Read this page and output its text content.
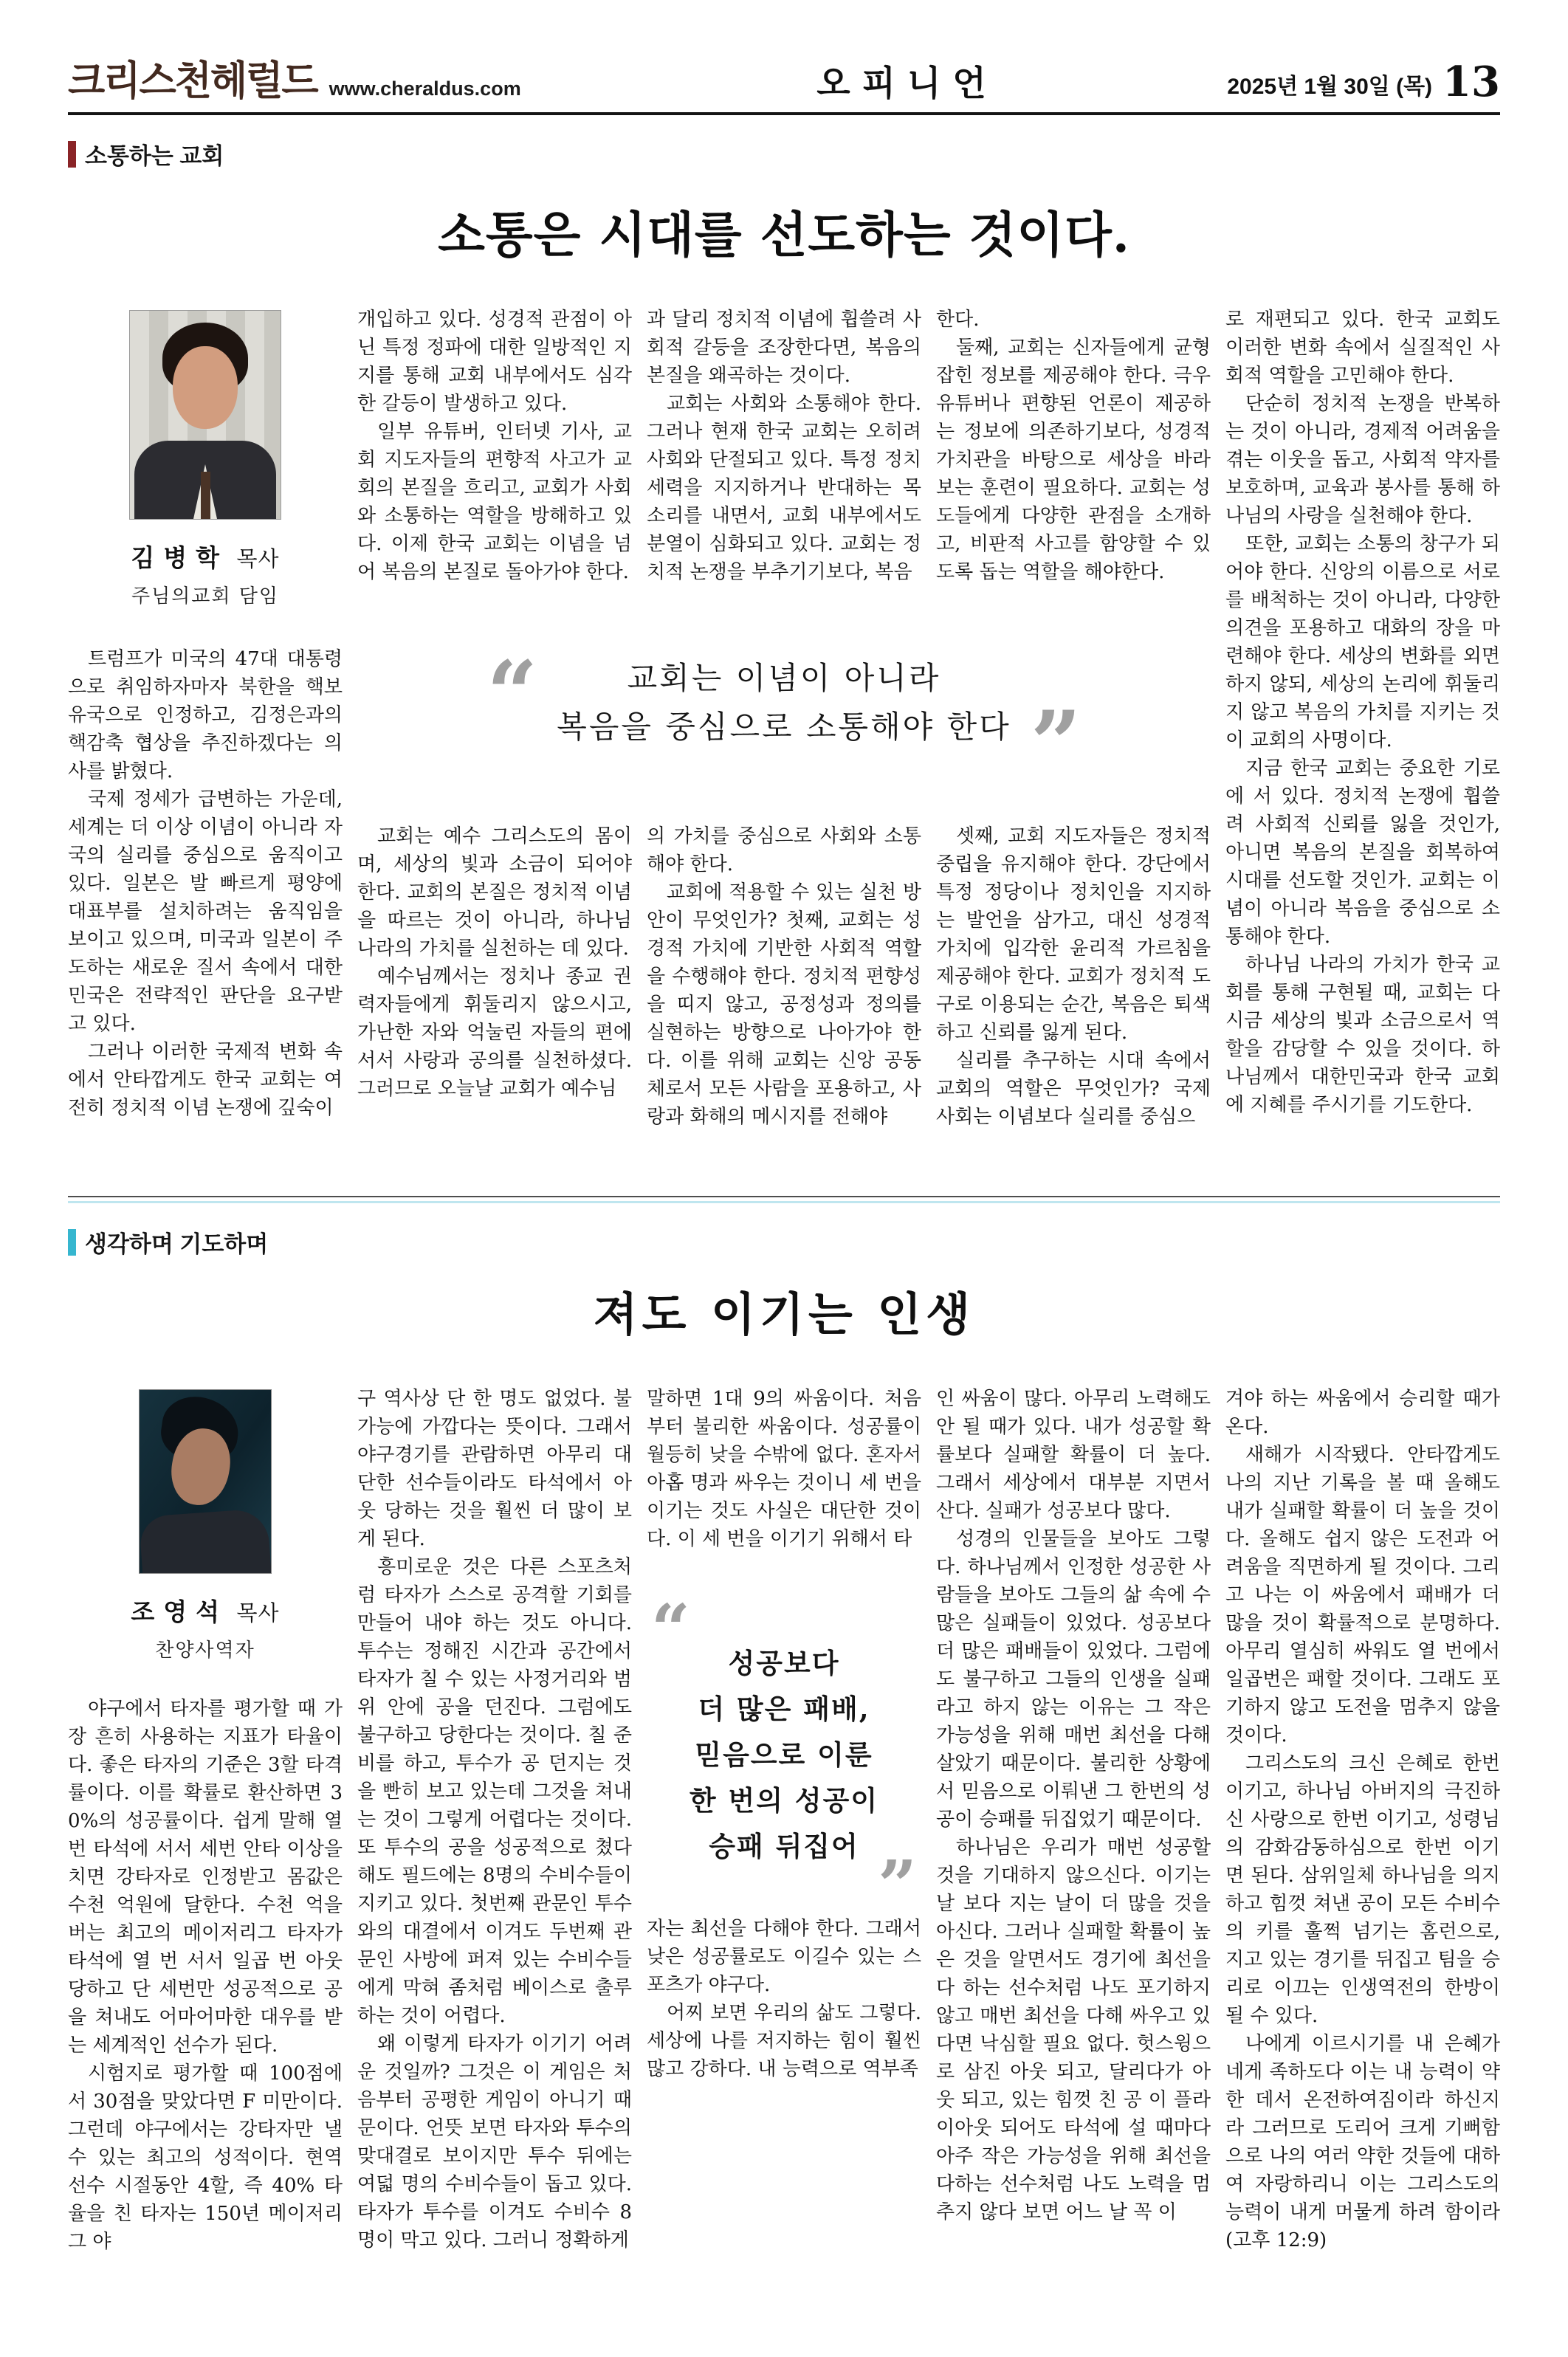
크리스천헤럴드 www.cheraldus.com	오피니언	2025년 1월 30일 (목) 13
소통하는 교회
소통은 시대를 선도하는 것이다.
김병학 목사
주님의교회 담임

트럼프가 미국의 47대 대통령으로 취임하자마자 북한을 핵보유국으로 인정하고, 김정은과의 핵감축 협상을 추진하겠다는 의사를 밝혔다.

국제 정세가 급변하는 가운데, 세계는 더 이상 이념이 아니라 자국의 실리를 중심으로 움직이고 있다. 일본은 발 빠르게 평양에 대표부를 설치하려는 움직임을 보이고 있으며, 미국과 일본이 주도하는 새로운 질서 속에서 대한민국은 전략적인 판단을 요구받고 있다.

그러나 이러한 국제적 변화 속에서 안타깝게도 한국 교회는 여전히 정치적 이념 논쟁에 깊숙이

개입하고 있다. 성경적 관점이 아닌 특정 정파에 대한 일방적인 지지를 통해 교회 내부에서도 심각한 갈등이 발생하고 있다.

일부 유튜버, 인터넷 기사, 교회 지도자들의 편향적 사고가 교회의 본질을 흐리고, 교회가 사회와 소통하는 역할을 방해하고 있다. 이제 한국 교회는 이념을 넘어 복음의 본질로 돌아가야 한다.

과 달리 정치적 이념에 휩쓸려 사회적 갈등을 조장한다면, 복음의 본질을 왜곡하는 것이다.

교회는 사회와 소통해야 한다. 그러나 현재 한국 교회는 오히려 사회와 단절되고 있다. 특정 정치 세력을 지지하거나 반대하는 목소리를 내면서, 교회 내부에서도 분열이 심화되고 있다. 교회는 정치적 논쟁을 부추기기보다, 복음

한다.

둘째, 교회는 신자들에게 균형 잡힌 정보를 제공해야 한다. 극우 유튜버나 편향된 언론이 제공하는 정보에 의존하기보다, 성경적 가치관을 바탕으로 세상을 바라보는 훈련이 필요하다. 교회는 성도들에게 다양한 관점을 소개하고, 비판적 사고를 함양할 수 있도록 돕는 역할을 해야한다.

“	교회는 이념이 아니라

복음을 중심으로 소통해야 한다 ”

교회는 예수 그리스도의 몸이며, 세상의 빛과 소금이 되어야 한다. 교회의 본질은 정치적 이념을 따르는 것이 아니라, 하나님 나라의 가치를 실천하는 데 있다.

예수님께서는 정치나 종교 권력자들에게 휘둘리지 않으시고, 가난한 자와 억눌린 자들의 편에 서서 사랑과 공의를 실천하셨다. 그러므로 오늘날 교회가 예수님

의 가치를 중심으로 사회와 소통해야 한다.

교회에 적용할 수 있는 실천 방안이 무엇인가? 첫째, 교회는 성경적 가치에 기반한 사회적 역할을 수행해야 한다. 정치적 편향성을 띠지 않고, 공정성과 정의를 실현하는 방향으로 나아가야 한다. 이를 위해 교회는 신앙 공동체로서 모든 사람을 포용하고, 사랑과 화해의 메시지를 전해야

셋째, 교회 지도자들은 정치적 중립을 유지해야 한다. 강단에서 특정 정당이나 정치인을 지지하는 발언을 삼가고, 대신 성경적 가치에 입각한 윤리적 가르침을 제공해야 한다. 교회가 정치적 도구로 이용되는 순간, 복음은 퇴색하고 신뢰를 잃게 된다.

실리를 추구하는 시대 속에서 교회의 역할은 무엇인가? 국제 사회는 이념보다 실리를 중심으

로 재편되고 있다. 한국 교회도 이러한 변화 속에서 실질적인 사회적 역할을 고민해야 한다.

단순히 정치적 논쟁을 반복하는 것이 아니라, 경제적 어려움을 겪는 이웃을 돕고, 사회적 약자를 보호하며, 교육과 봉사를 통해 하나님의 사랑을 실천해야 한다.

또한, 교회는 소통의 창구가 되어야 한다. 신앙의 이름으로 서로를 배척하는 것이 아니라, 다양한 의견을 포용하고 대화의 장을 마련해야 한다. 세상의 변화를 외면하지 않되, 세상의 논리에 휘둘리지 않고 복음의 가치를 지키는 것이 교회의 사명이다.

지금 한국 교회는 중요한 기로에 서 있다. 정치적 논쟁에 휩쓸려 사회적 신뢰를 잃을 것인가, 아니면 복음의 본질을 회복하여 시대를 선도할 것인가. 교회는 이념이 아니라 복음을 중심으로 소통해야 한다.

하나님 나라의 가치가 한국 교회를 통해 구현될 때, 교회는 다시금 세상의 빛과 소금으로서 역할을 감당할 수 있을 것이다. 하나님께서 대한민국과 한국 교회에 지혜를 주시기를 기도한다.

생각하며 기도하며
져도 이기는 인생
조영석 목사
찬양사역자

야구에서 타자를 평가할 때 가장 흔히 사용하는 지표가 타율이다. 좋은 타자의 기준은 3할 타격률이다. 이를 확률로 환산하면 30%의 성공률이다. 쉽게 말해 열 번 타석에 서서 세번 안타 이상을 치면 강타자로 인정받고 몸값은 수천 억원에 달한다. 수천 억을 버는 최고의 메이저리그 타자가 타석에 열 번 서서 일곱 번 아웃 당하고 단 세번만 성공적으로 공을 쳐내도 어마어마한 대우를 받는 세계적인 선수가 된다.

시험지로 평가할 때 100점에서 30점을 맞았다면 F 미만이다. 그런데 야구에서는 강타자만 낼 수 있는 최고의 성적이다. 현역 선수 시절동안 4할, 즉 40% 타율을 친 타자는 150년 메이저리그 야

구 역사상 단 한 명도 없었다. 불가능에 가깝다는 뜻이다. 그래서 야구경기를 관람하면 아무리 대단한 선수들이라도 타석에서 아웃 당하는 것을 훨씬 더 많이 보게 된다.

흥미로운 것은 다른 스포츠처럼 타자가 스스로 공격할 기회를 만들어 내야 하는 것도 아니다. 투수는 정해진 시간과 공간에서 타자가 칠 수 있는 사정거리와 범위 안에 공을 던진다. 그럼에도 불구하고 당한다는 것이다. 칠 준비를 하고, 투수가 공 던지는 것을 빤히 보고 있는데 그것을 쳐내는 것이 그렇게 어렵다는 것이다. 또 투수의 공을 성공적으로 쳤다 해도 필드에는 8명의 수비수들이 지키고 있다. 첫번째 관문인 투수와의 대결에서 이겨도 두번째 관문인 사방에 퍼져 있는 수비수들에게 막혀 좀처럼 베이스로 출루하는 것이 어렵다.

왜 이렇게 타자가 이기기 어려운 것일까? 그것은 이 게임은 처음부터 공평한 게임이 아니기 때문이다. 언뜻 보면 타자와 투수의 맞대결로 보이지만 투수 뒤에는 여덟 명의 수비수들이 돕고 있다. 타자가 투수를 이겨도 수비수 8명이 막고 있다. 그러니 정확하게

말하면 1대 9의 싸움이다. 처음부터 불리한 싸움이다. 성공률이 월등히 낮을 수밖에 없다. 혼자서 아홉 명과 싸우는 것이니 세 번을 이기는 것도 사실은 대단한 것이다. 이 세 번을 이기기 위해서 타

“	성공보다

더 많은 패배,

믿음으로 이룬

한 번의 성공이

승패 뒤집어 ”

자는 최선을 다해야 한다. 그래서 낮은 성공률로도 이길수 있는 스포츠가 야구다.

어찌 보면 우리의 삶도 그렇다. 세상에 나를 저지하는 힘이 훨씬 많고 강하다. 내 능력으로 역부족

인 싸움이 많다. 아무리 노력해도 안 될 때가 있다. 내가 성공할 확률보다 실패할 확률이 더 높다. 그래서 세상에서 대부분 지면서 산다. 실패가 성공보다 많다.

성경의 인물들을 보아도 그렇다. 하나님께서 인정한 성공한 사람들을 보아도 그들의 삶 속에 수많은 실패들이 있었다. 성공보다 더 많은 패배들이 있었다. 그럼에도 불구하고 그들의 인생을 실패라고 하지 않는 이유는 그 작은 가능성을 위해 매번 최선을 다해 살았기 때문이다. 불리한 상황에서 믿음으로 이뤄낸 그 한번의 성공이 승패를 뒤집었기 때문이다.

하나님은 우리가 매번 성공할 것을 기대하지 않으신다. 이기는 날 보다 지는 날이 더 많을 것을 아신다. 그러나 실패할 확률이 높은 것을 알면서도 경기에 최선을 다 하는 선수처럼 나도 포기하지 않고 매번 최선을 다해 싸우고 있다면 낙심할 필요 없다. 헛스윙으로 삼진 아웃 되고, 달리다가 아웃 되고, 있는 힘껏 친 공 이 플라이아웃 되어도 타석에 설 때마다 아주 작은 가능성을 위해 최선을 다하는 선수처럼 나도 노력을 멈추지 않다 보면 어느 날 꼭 이

겨야 하는 싸움에서 승리할 때가 온다.

새해가 시작됐다. 안타깝게도 나의 지난 기록을 볼 때 올해도 내가 실패할 확률이 더 높을 것이다. 올해도 쉽지 않은 도전과 어려움을 직면하게 될 것이다. 그리고 나는 이 싸움에서 패배가 더 많을 것이 확률적으로 분명하다. 아무리 열심히 싸워도 열 번에서 일곱번은 패할 것이다. 그래도 포기하지 않고 도전을 멈추지 않을 것이다.

그리스도의 크신 은혜로 한번 이기고, 하나님 아버지의 극진하신 사랑으로 한번 이기고, 성령님의 감화감동하심으로 한번 이기면 된다. 삼위일체 하나님을 의지하고 힘껏 쳐낸 공이 모든 수비수의 키를 훌쩍 넘기는 홈런으로, 지고 있는 경기를 뒤집고 팀을 승리로 이끄는 인생역전의 한방이 될 수 있다.

나에게 이르시기를 내 은혜가 네게 족하도다 이는 내 능력이 약한 데서 온전하여짐이라 하신지라 그러므로 도리어 크게 기뻐함으로 나의 여러 약한 것들에 대하여 자랑하리니 이는 그리스도의 능력이 내게 머물게 하려 함이라 (고후 12:9)
